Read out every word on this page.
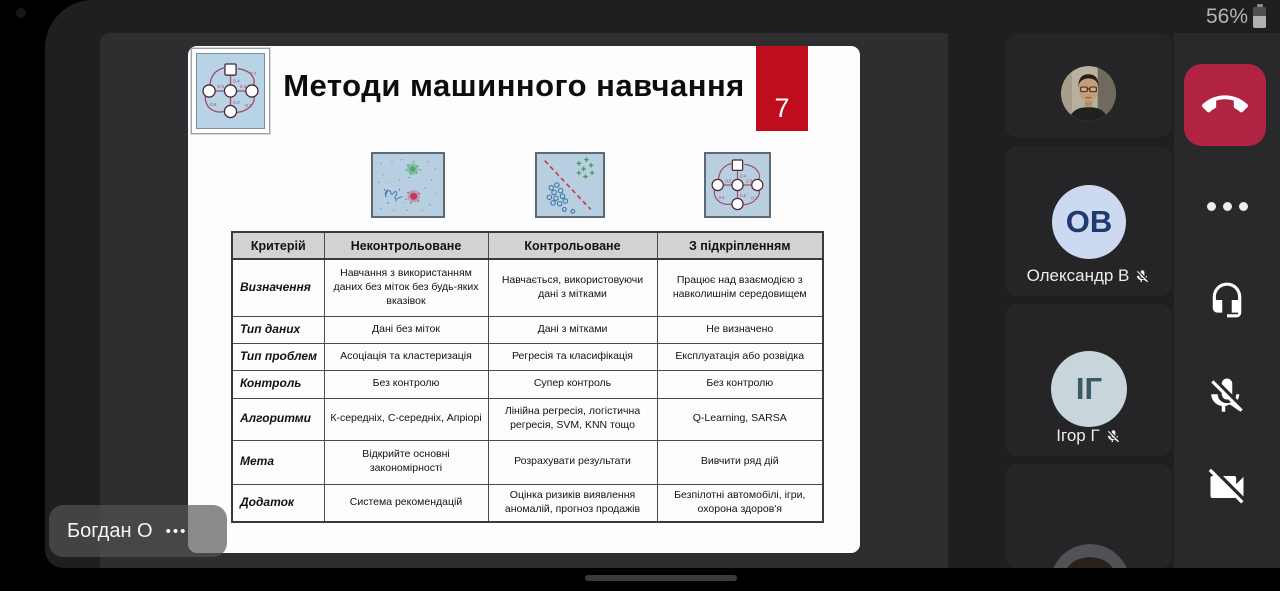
56%
0.4
0.5	0.3
0.2
0.6	0.1
0.7 Методи машинного навчання
7
0.4
0.5	0.3
0.2
0.6	0.1
Критерій	Неконтрольоване	Контрольоване	З підкріпленням
Визначення	Навчання з використанням даних без міток без будь-яких вказівок	Навчається, використовуючи дані з мітками	Працює над взаємодією з навколишнім середовищем
Тип даних	Дані без міток	Дані з мітками	Не визначено
Тип проблем	Асоціація та кластеризація	Регресія та класифікація	Експлуатація або розвідка
Контроль	Без контролю	Супер контроль	Без контролю
Алгоритми	К-середніх, С-середніх, Апріорі	Лінійна регресія, логістична регресія, SVM, KNN тощо	Q-Learning, SARSA
Мета	Відкрийте основні закономірності	Розрахувати результати	Вивчити ряд дій
Додаток	Система рекомендацій	Оцінка ризиків виявлення аномалій, прогноз продажів	Безпілотні автомобілі, ігри, охорона здоров'я
Богдан О •••
ОВ
Олександр В
ІГ
Ігор Г
